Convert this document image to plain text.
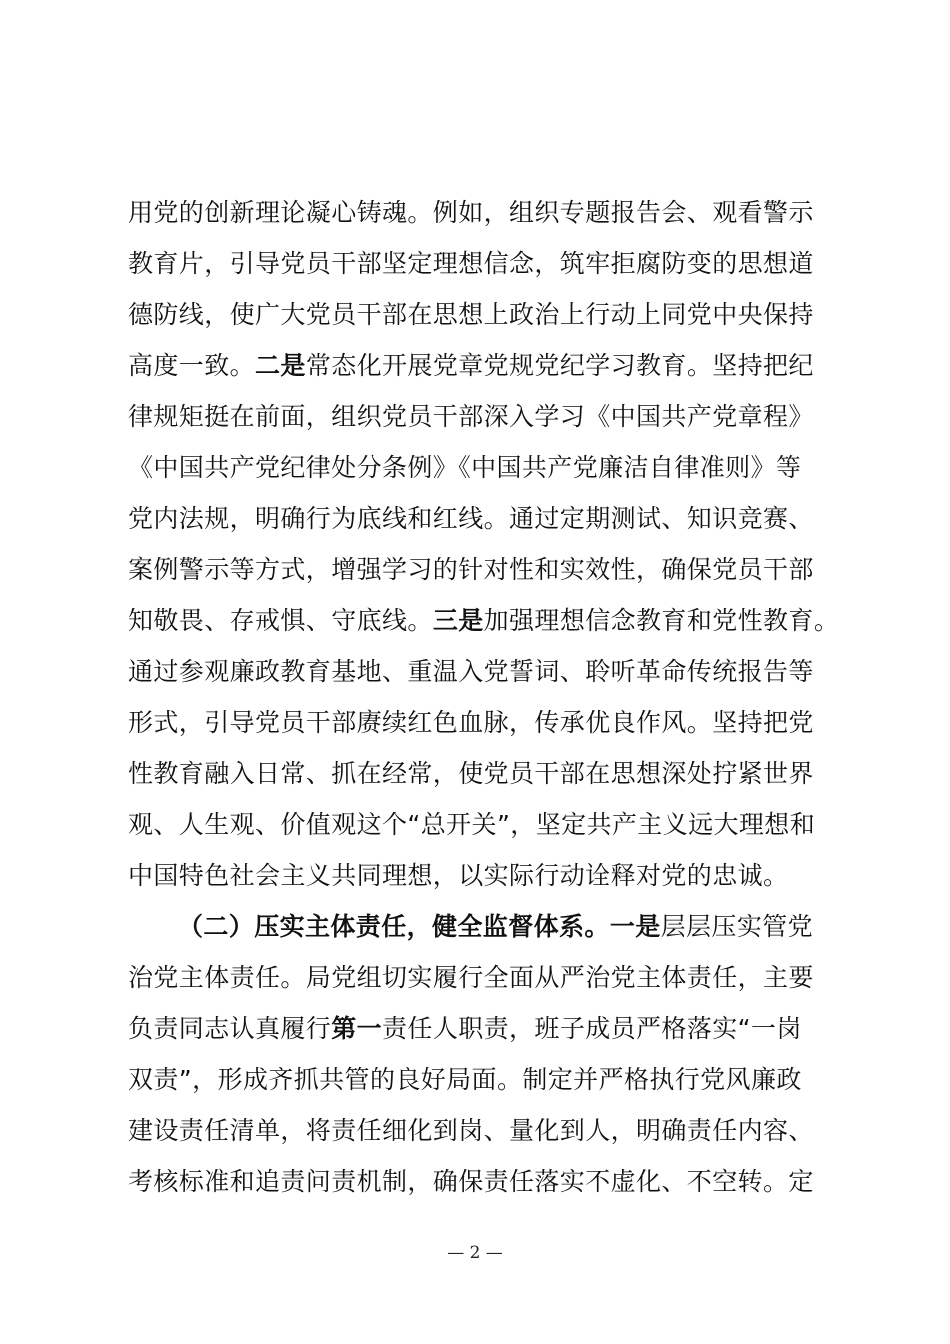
用党的创新理论凝心铸魂。例如，组织专题报告会、观看警示
教育片，引导党员干部坚定理想信念，筑牢拒腐防变的思想道
德防线，使广大党员干部在思想上政治上行动上同党中央保持
高度一致。二是常态化开展党章党规党纪学习教育。坚持把纪
律规矩挺在前面，组织党员干部深入学习《中国共产党章程》
《中国共产党纪律处分条例》《中国共产党廉洁自律准则》等
党内法规，明确行为底线和红线。通过定期测试、知识竞赛、
案例警示等方式，增强学习的针对性和实效性，确保党员干部
知敬畏、存戒惧、守底线。三是加强理想信念教育和党性教育。
通过参观廉政教育基地、重温入党誓词、聆听革命传统报告等
形式，引导党员干部赓续红色血脉，传承优良作风。坚持把党
性教育融入日常、抓在经常，使党员干部在思想深处拧紧世界
观、人生观、价值观这个“总开关”，坚定共产主义远大理想和
中国特色社会主义共同理想，以实际行动诠释对党的忠诚。
（二）压实主体责任，健全监督体系。一是层层压实管党
治党主体责任。局党组切实履行全面从严治党主体责任，主要
负责同志认真履行第一责任人职责，班子成员严格落实“一岗
双责”，形成齐抓共管的良好局面。制定并严格执行党风廉政
建设责任清单，将责任细化到岗、量化到人，明确责任内容、
考核标准和追责问责机制，确保责任落实不虚化、不空转。定
— 2 —
